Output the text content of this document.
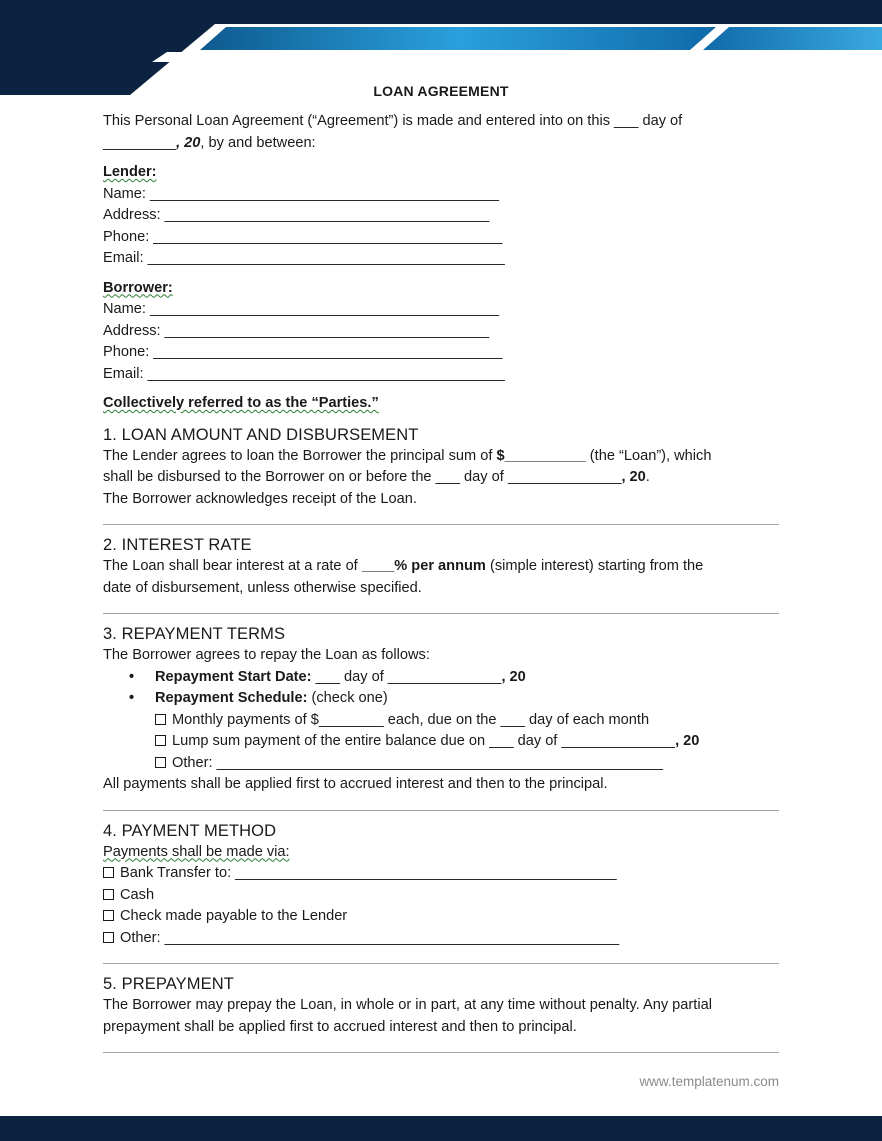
LOAN AGREEMENT

This Personal Loan Agreement (“Agreement”) is made and entered into on this ___ day of
_________, 20, by and between:

Lender:
Name: ___________________________________________
Address: ________________________________________
Phone: ___________________________________________
Email: ____________________________________________
Borrower:
Name: ___________________________________________
Address: ________________________________________
Phone: ___________________________________________
Email: ____________________________________________

Collectively referred to as the “Parties.”

1. LOAN AMOUNT AND DISBURSEMENT

The Lender agrees to loan the Borrower the principal sum of $__________ (the “Loan”), which
shall be disbursed to the Borrower on or before the ___ day of ______________, 20.
The Borrower acknowledges receipt of the Loan.

2. INTEREST RATE

The Loan shall bear interest at a rate of ____% per annum (simple interest) starting from the
date of disbursement, unless otherwise specified.

3. REPAYMENT TERMS

The Borrower agrees to repay the Loan as follows:

• Repayment Start Date: ___ day of ______________, 20
• Repayment Schedule: (check one)
Monthly payments of $________ each, due on the ___ day of each month
Lump sum payment of the entire balance due on ___ day of ______________, 20
Other: _______________________________________________________

All payments shall be applied first to accrued interest and then to the principal.

4. PAYMENT METHOD

Payments shall be made via:

Bank Transfer to: _______________________________________________
Cash
Check made payable to the Lender
Other: ________________________________________________________
5. PREPAYMENT

The Borrower may prepay the Loan, in whole or in part, at any time without penalty. Any partial
prepayment shall be applied first to accrued interest and then to principal.

www.templatenum.com
